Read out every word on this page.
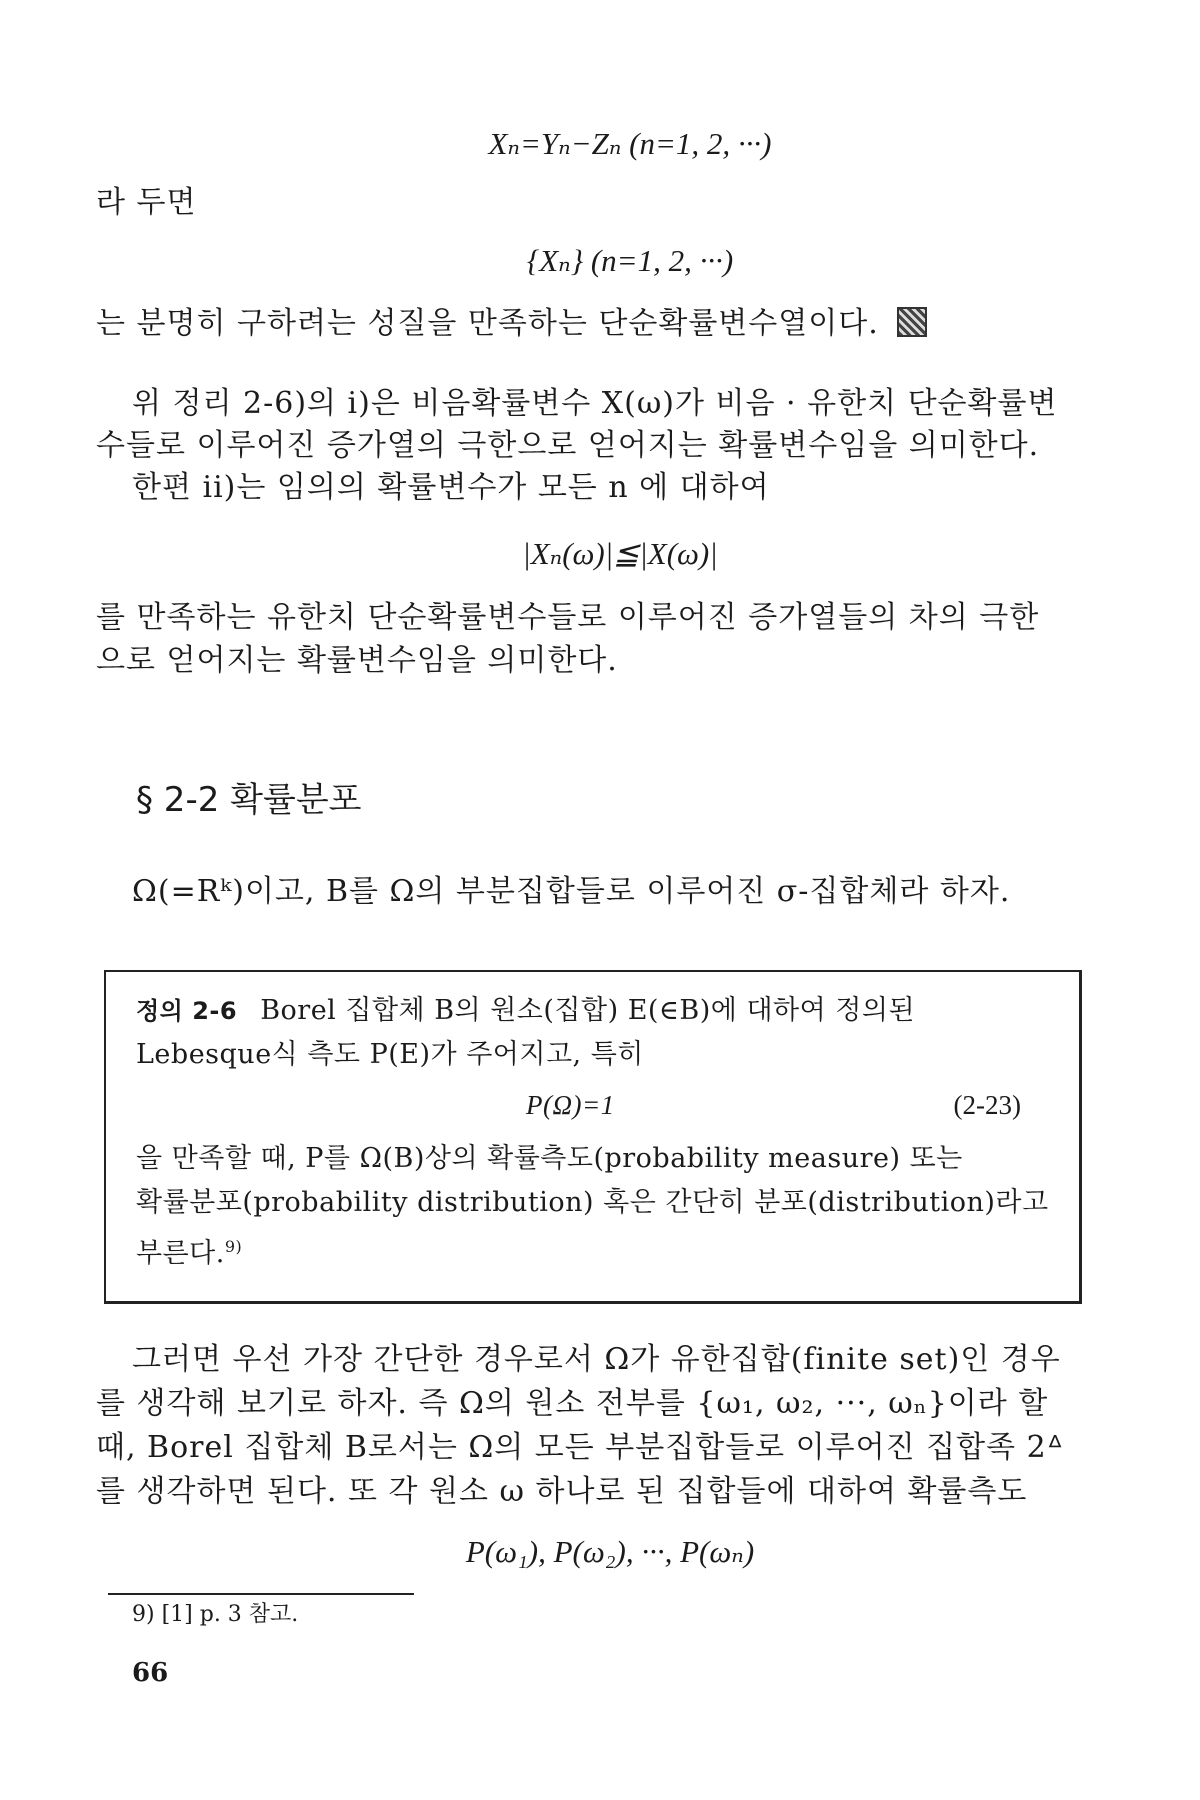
Xₙ=Yₙ−Zₙ (n=1, 2, ···)
라 두면
{Xₙ} (n=1, 2, ···)
는 분명히 구하려는 성질을 만족하는 단순확률변수열이다.
위 정리 2-6)의 i)은 비음확률변수 X(ω)가 비음 · 유한치 단순확률변
수들로 이루어진 증가열의 극한으로 얻어지는 확률변수임을 의미한다.
한편 ii)는 임의의 확률변수가 모든 n 에 대하여
|Xₙ(ω)|≦|X(ω)|
를 만족하는 유한치 단순확률변수들로 이루어진 증가열들의 차의 극한
으로 얻어지는 확률변수임을 의미한다.
§ 2-2 확률분포
Ω(=Rᵏ)이고, B를 Ω의 부분집합들로 이루어진 σ-집합체라 하자.
정의 2-6 Borel 집합체 B의 원소(집합) E(∈B)에 대하여 정의된
Lebesque식 측도 P(E)가 주어지고, 특히
P(Ω)=1	(2-23)
을 만족할 때, P를 Ω(B)상의 확률측도(probability measure) 또는
확률분포(probability distribution) 혹은 간단히 분포(distribution)라고
부른다.$^{9)}$
그러면 우선 가장 간단한 경우로서 Ω가 유한집합(finite set)인 경우
를 생각해 보기로 하자. 즉 Ω의 원소 전부를 {ω₁, ω₂, ···, ωₙ}이라 할
때, Borel 집합체 B로서는 Ω의 모든 부분집합들로 이루어진 집합족 2ᐞ
를 생각하면 된다. 또 각 원소 ω 하나로 된 집합들에 대하여 확률측도
P(ω₁), P(ω₂), ···, P(ωₙ)
9) [1] p. 3 참고.
66
